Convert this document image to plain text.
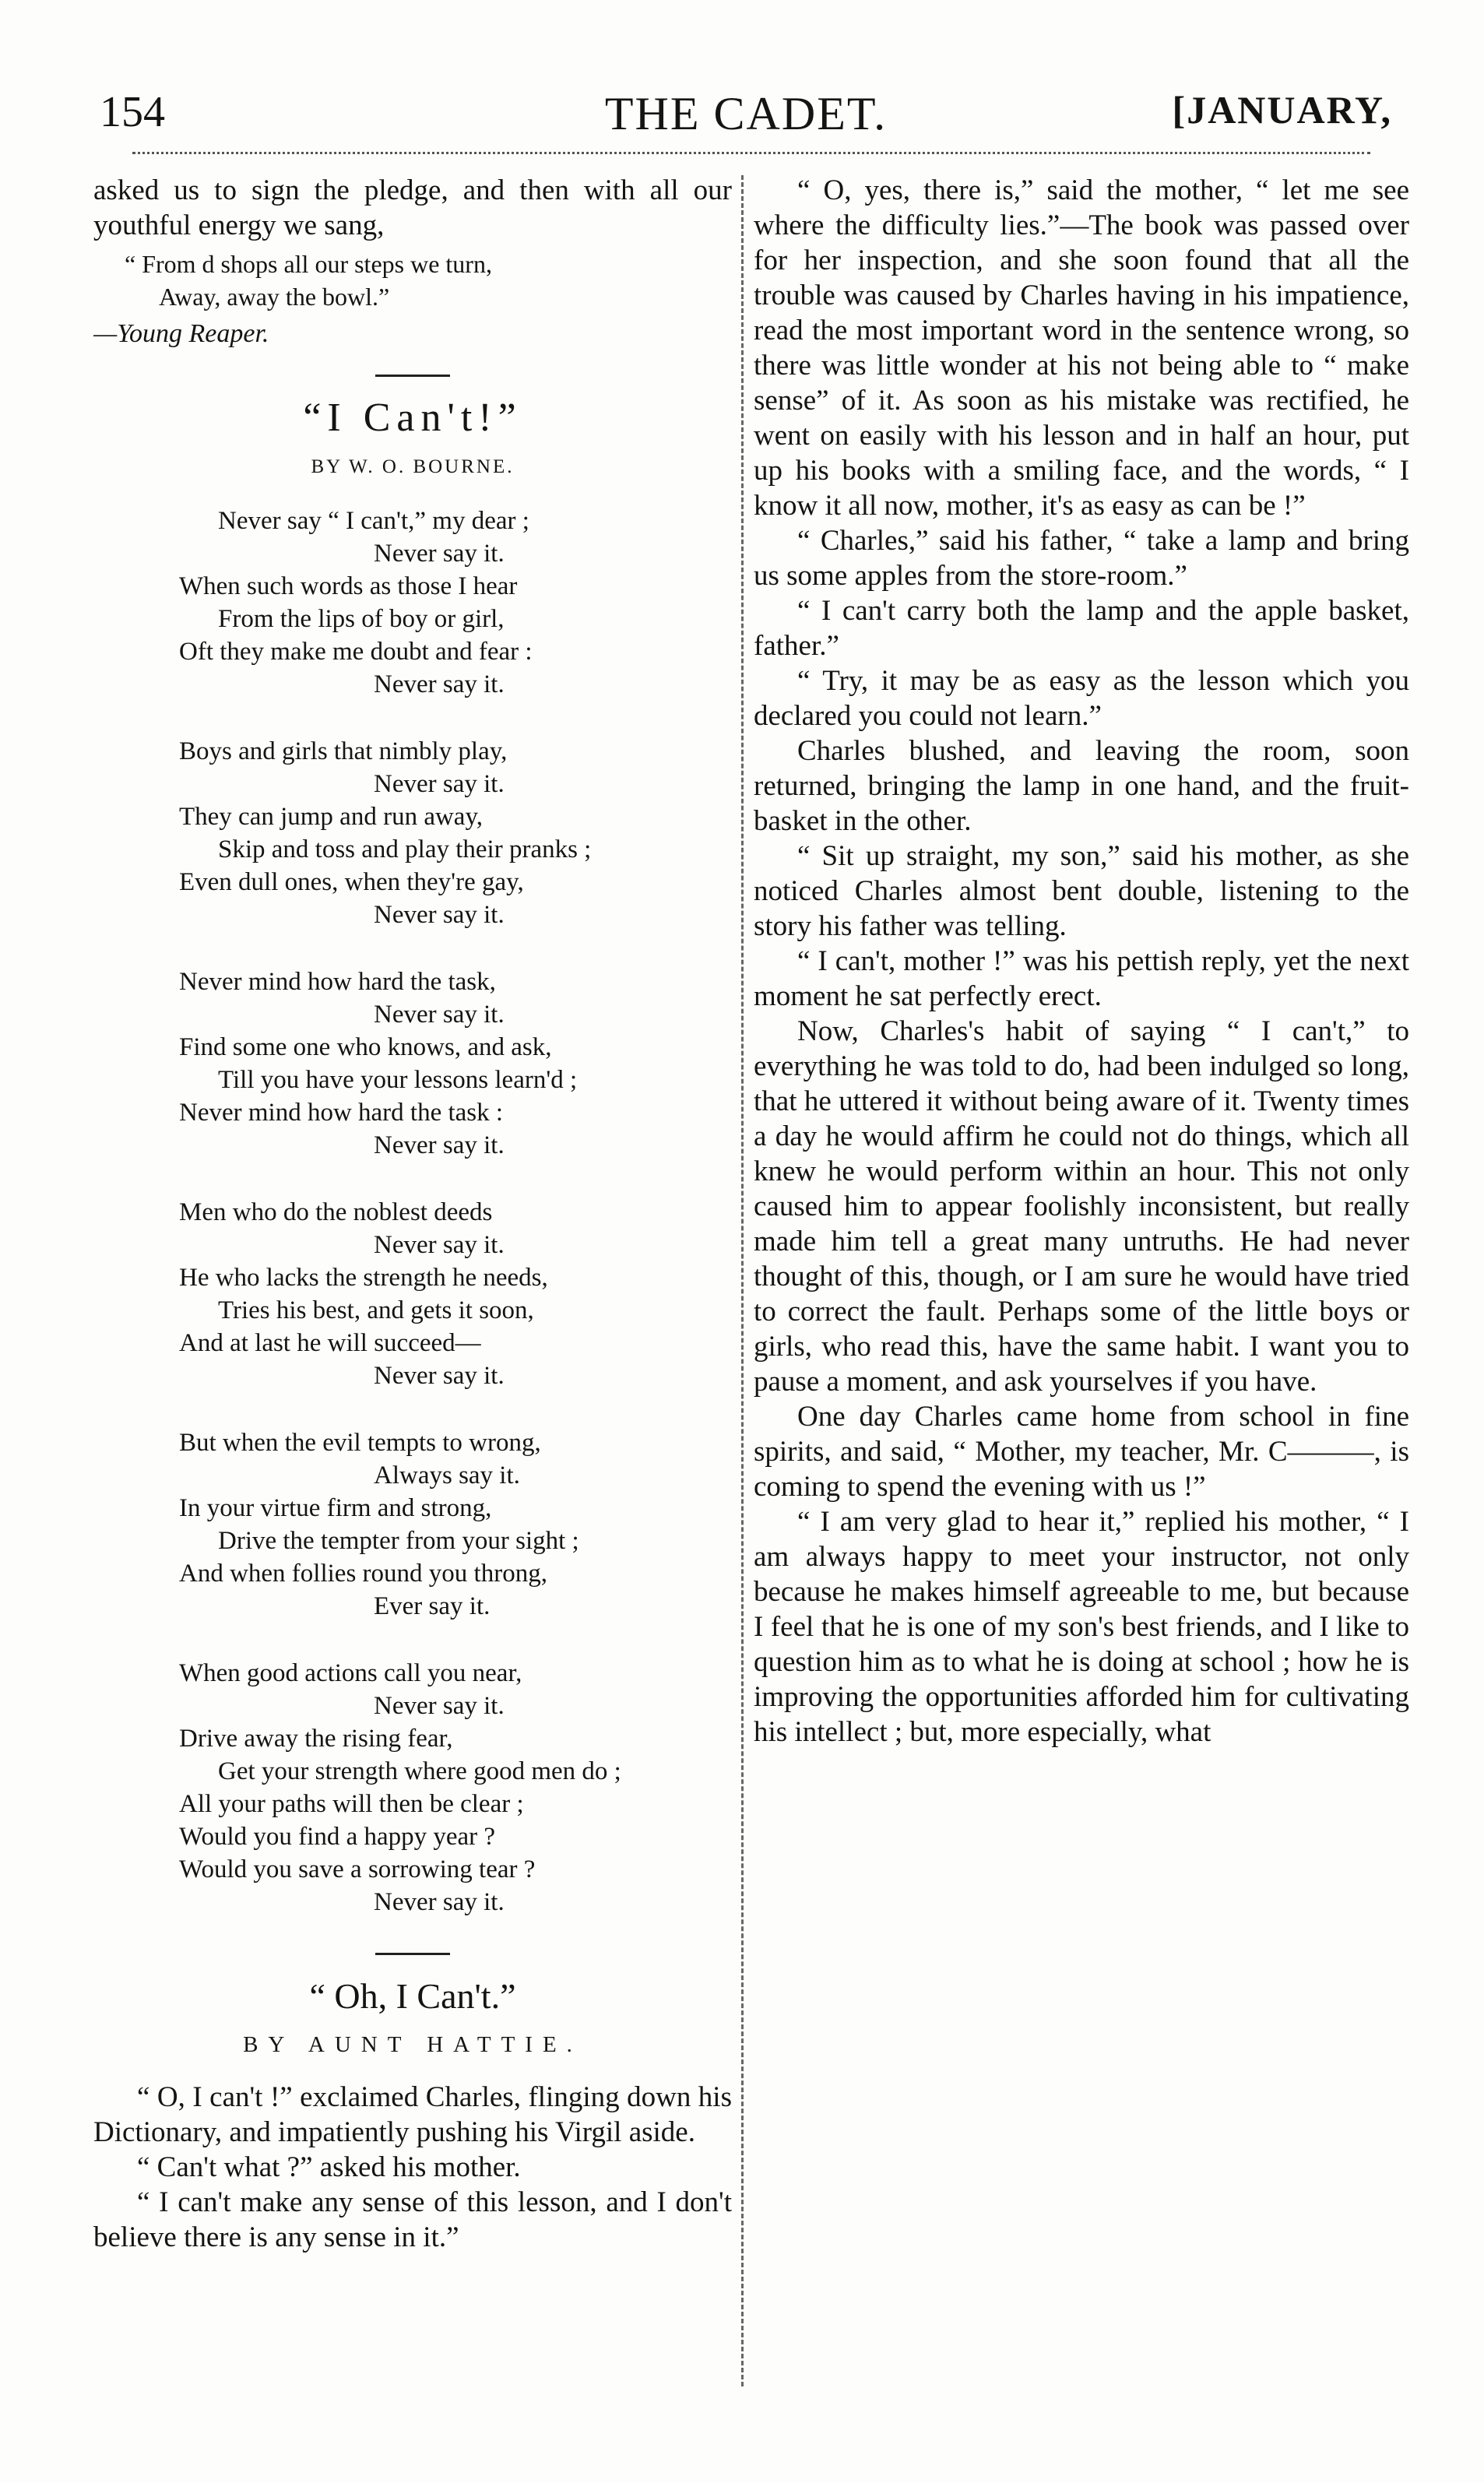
154	THE CADET.	[JANUARY,

asked us to sign the pledge, and then with all our youthful energy we sang,

“ From d shops all our steps we turn,
Away, away the bowl.”
—Young Reaper.
“I Can't!”
BY W. O. BOURNE.
Never say “ I can't,” my dear ;
Never say it.
When such words as those I hear
From the lips of boy or girl,
Oft they make me doubt and fear :
Never say it.
Boys and girls that nimbly play,
Never say it.
They can jump and run away,
Skip and toss and play their pranks ;
Even dull ones, when they're gay,
Never say it.
Never mind how hard the task,
Never say it.
Find some one who knows, and ask,
Till you have your lessons learn'd ;
Never mind how hard the task :
Never say it.
Men who do the noblest deeds
Never say it.
He who lacks the strength he needs,
Tries his best, and gets it soon,
And at last he will succeed—
Never say it.
But when the evil tempts to wrong,
Always say it.
In your virtue firm and strong,
Drive the tempter from your sight ;
And when follies round you throng,
Ever say it.
When good actions call you near,
Never say it.
Drive away the rising fear,
Get your strength where good men do ;
All your paths will then be clear ;
Would you find a happy year ?
Would you save a sorrowing tear ?
Never say it.
“ Oh, I Can't.”
BY AUNT HATTIE.

“ O, I can't !” exclaimed Charles, flinging down his Dictionary, and impatiently pushing his Virgil aside.

“ Can't what ?” asked his mother.

“ I can't make any sense of this lesson, and I don't believe there is any sense in it.”

“ O, yes, there is,” said the mother, “ let me see where the difficulty lies.”—The book was passed over for her inspection, and she soon found that all the trouble was caused by Charles having in his impatience, read the most important word in the sentence wrong, so there was little wonder at his not being able to “ make sense” of it. As soon as his mistake was rectified, he went on easily with his lesson and in half an hour, put up his books with a smiling face, and the words, “ I know it all now, mother, it's as easy as can be !”

“ Charles,” said his father, “ take a lamp and bring us some apples from the store-room.”

“ I can't carry both the lamp and the apple basket, father.”

“ Try, it may be as easy as the lesson which you declared you could not learn.”

Charles blushed, and leaving the room, soon returned, bringing the lamp in one hand, and the fruit-basket in the other.

“ Sit up straight, my son,” said his mother, as she noticed Charles almost bent double, listening to the story his father was telling.

“ I can't, mother !” was his pettish reply, yet the next moment he sat perfectly erect.

Now, Charles's habit of saying “ I can't,” to everything he was told to do, had been indulged so long, that he uttered it without being aware of it. Twenty times a day he would affirm he could not do things, which all knew he would perform within an hour. This not only caused him to appear foolishly inconsistent, but really made him tell a great many untruths. He had never thought of this, though, or I am sure he would have tried to correct the fault. Perhaps some of the little boys or girls, who read this, have the same habit. I want you to pause a moment, and ask yourselves if you have.

One day Charles came home from school in fine spirits, and said, “ Mother, my teacher, Mr. C———, is coming to spend the evening with us !”

“ I am very glad to hear it,” replied his mother, “ I am always happy to meet your instructor, not only because he makes himself agreeable to me, but because I feel that he is one of my son's best friends, and I like to question him as to what he is doing at school ; how he is improving the opportunities afforded him for cultivating his intellect ; but, more especially, what
